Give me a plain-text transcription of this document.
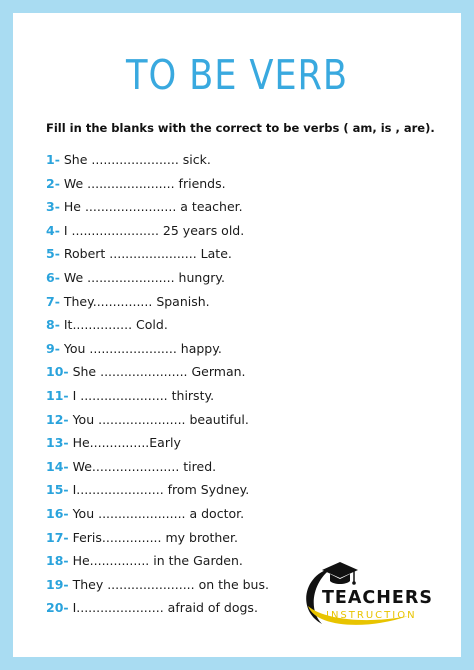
TO BE VERB
Fill in the blanks with the correct to be verbs ( am, is , are).
1- She ...................... sick.
2- We ...................... friends.
3- He ....................... a teacher.
4- I ...................... 25 years old.
5- Robert ...................... Late.
6- We ...................... hungry.
7- They............... Spanish.
8- It............... Cold.
9- You ...................... happy.
10- She ...................... German.
11- I ...................... thirsty.
12- You ...................... beautiful.
13- He...............Early
14- We...................... tired.
15- I...................... from Sydney.
16- You ...................... a doctor.
17- Feris............... my brother.
18- He............... in the Garden.
19- They ...................... on the bus.
20- I...................... afraid of dogs.	TEACHERS
INSTRUCTION
